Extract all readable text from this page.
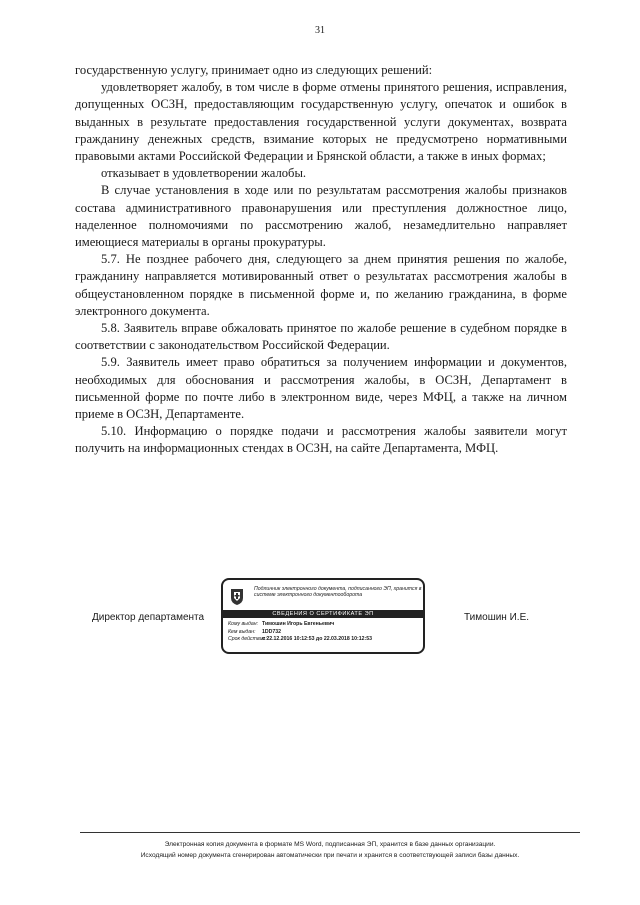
31

государственную услугу, принимает одно из следующих решений:

удовлетворяет жалобу, в том числе в форме отмены принятого решения, исправления, допущенных ОСЗН, предоставляющим государственную услугу, опечаток и ошибок в выданных в результате предоставления государственной услуги документах, возврата гражданину денежных средств, взимание которых не предусмотрено нормативными правовыми актами Российской Федерации и Брянской области, а также в иных формах;

отказывает в удовлетворении жалобы.

В случае установления в ходе или по результатам рассмотрения жалобы признаков состава административного правонарушения или преступления должностное лицо, наделенное полномочиями по рассмотрению жалоб, незамедлительно направляет имеющиеся материалы в органы прокуратуры.

5.7. Не позднее рабочего дня, следующего за днем принятия решения по жалобе, гражданину направляется мотивированный ответ о результатах рассмотрения жалобы в общеустановленном порядке в письменной форме и, по желанию гражданина, в форме электронного документа.

5.8. Заявитель вправе обжаловать принятое по жалобе решение в судебном порядке в соответствии с законодательством Российской Федерации.

5.9. Заявитель имеет право обратиться за получением информации и документов, необходимых для обоснования и рассмотрения жалобы, в ОСЗН, Департамент в письменной форме по почте либо в электронном виде, через МФЦ, а также на личном приеме в ОСЗН, Департаменте.

5.10. Информацию о порядке подачи и рассмотрения жалобы заявители могут получить на информационных стендах в ОСЗН, на сайте Департамента, МФЦ.

Директор департамента
Подлинник электронного документа, подписанного ЭП, хранится в системе электронного документооборота
СВЕДЕНИЯ О СЕРТИФИКАТЕ ЭП
Кому выдан: Тимошин Игорь Евгеньевич
Кем выдан:	1DD732
Срок действия:
с 22.12.2016 10:12:53 до 22.03.2018 10:12:53
Тимошин И.Е.
Электронная копия документа в формате MS Word, подписанная ЭП, хранится в базе данных организации.
Исходящий номер документа сгенерирован автоматически при печати и хранится в соответствующей записи базы данных.
